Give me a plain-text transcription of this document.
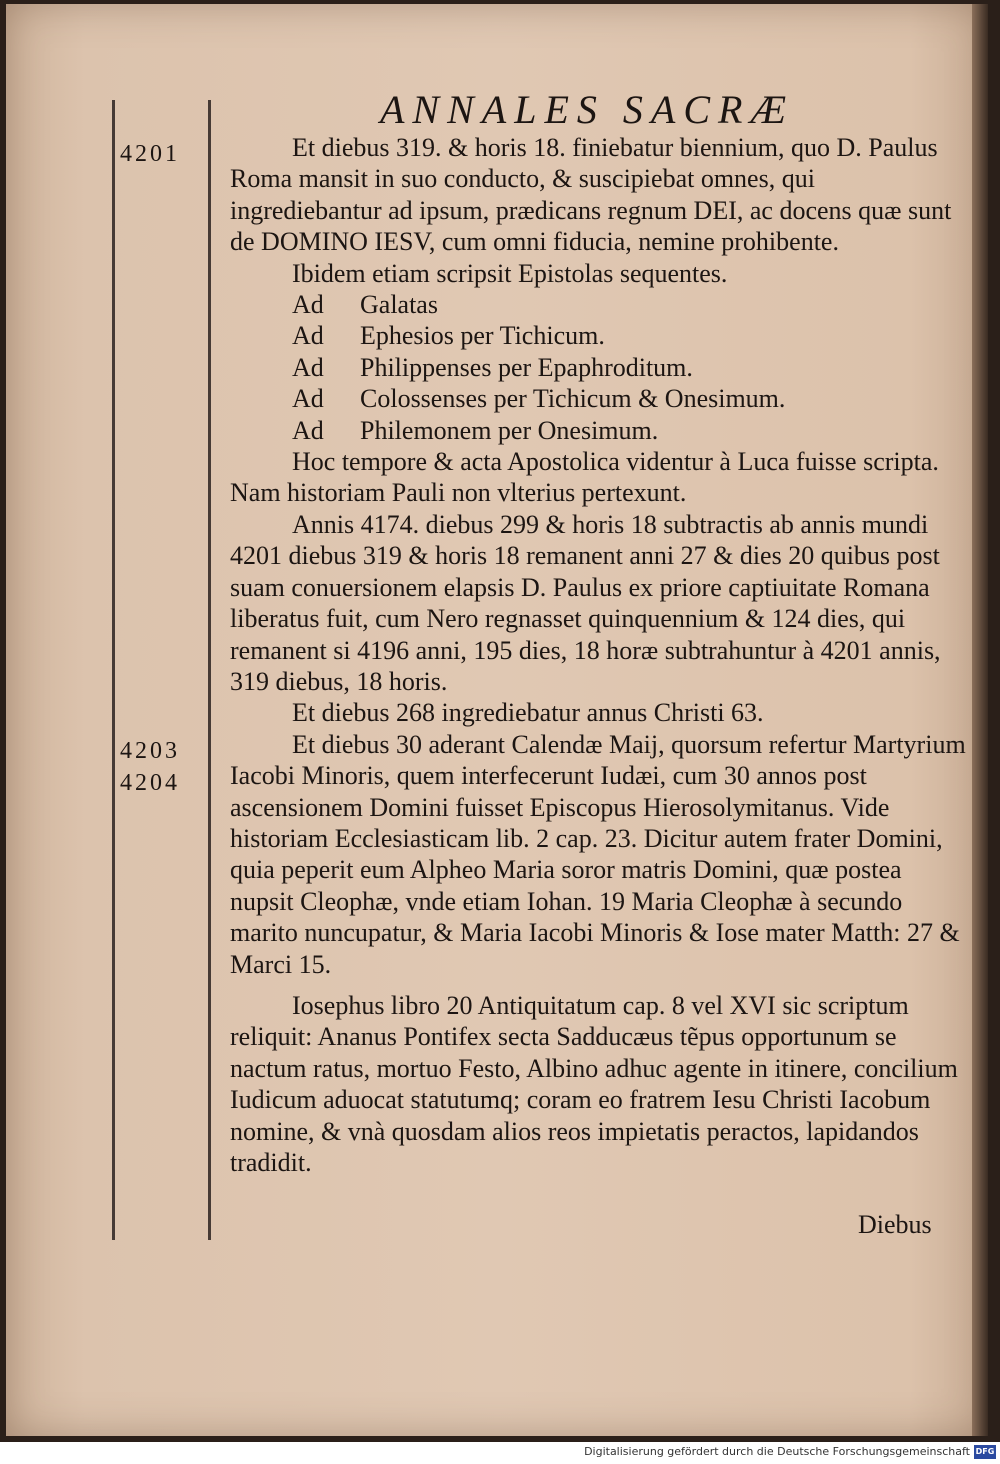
ANNALES SACRÆ
4201
4203
4204

Et diebus 319. & horis 18. finiebatur biennium, quo D. Paulus Roma mansit in suo conducto, & suscipiebat omnes, qui ingrediebantur ad ipsum, prædicans regnum DEI, ac docens quæ sunt de DOMINO IESV, cum omni fiducia, nemine prohibente.

Ibidem etiam scripsit Epistolas sequentes.

Ad	Galatas
Ad	Ephesios per Tichicum.
Ad	Philippenses per Epaphroditum.
Ad	Colossenses per Tichicum & Onesimum.
Ad	Philemonem per Onesimum.

Hoc tempore & acta Apostolica videntur à Luca fuisse scripta. Nam historiam Pauli non vlterius pertexunt.

Annis 4174. diebus 299 & horis 18 subtractis ab annis mundi 4201 diebus 319 & horis 18 remanent anni 27 & dies 20 quibus post suam conuersionem elapsis D. Paulus ex priore captiuitate Romana liberatus fuit, cum Nero regnasset quinquennium & 124 dies, qui remanent si 4196 anni, 195 dies, 18 horæ subtrahuntur à 4201 annis, 319 diebus, 18 horis.

Et diebus 268 ingrediebatur annus Christi 63.

Et diebus 30 aderant Calendæ Maij, quorsum refertur Martyrium Iacobi Minoris, quem interfecerunt Iudæi, cum 30 annos post ascensionem Domini fuisset Episcopus Hierosolymitanus. Vide historiam Ecclesiasticam lib. 2 cap. 23. Dicitur autem frater Domini, quia peperit eum Alpheo Maria soror matris Domini, quæ postea nupsit Cleophæ, vnde etiam Iohan. 19 Maria Cleophæ à secundo marito nuncupatur, & Maria Iacobi Minoris & Iose mater Matth: 27 & Marci 15.

Iosephus libro 20 Antiquitatum cap. 8 vel XVI sic scriptum reliquit: Ananus Pontifex secta Sadducæus tẽpus opportunum se nactum ratus, mortuo Festo, Albino adhuc agente in itinere, concilium Iudicum aduocat statutumq; coram eo fratrem Iesu Christi Iacobum nomine, & vnà quosdam alios reos impietatis peractos, lapidandos tradidit.

Diebus
Digitalisierung gefördert durch die Deutsche Forschungsgemeinschaft DFG
